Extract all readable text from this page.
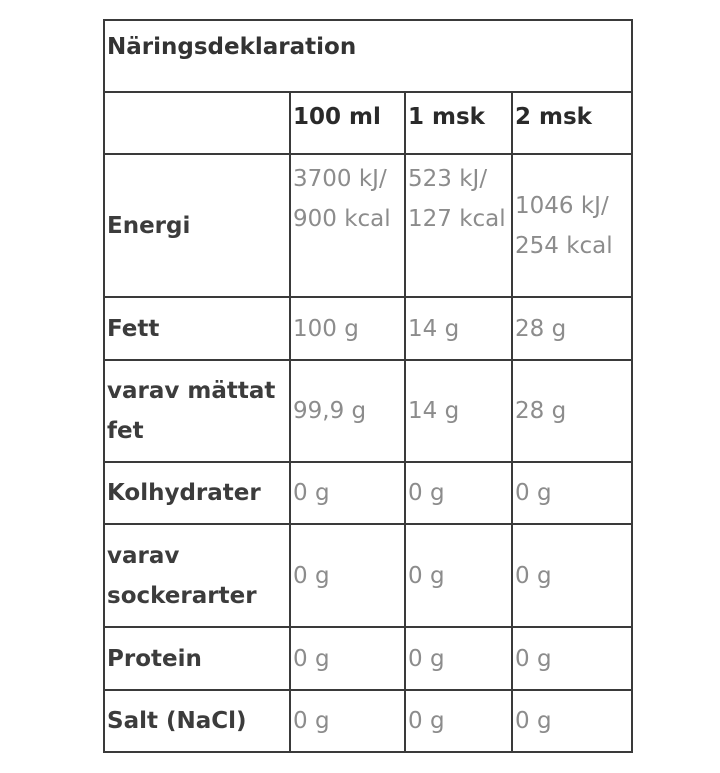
Näringsdeklaration			
	100 ml	1 msk	2 msk
Energi	3700 kJ/ 900 kcal	523 kJ/ 127 kcal	1046 kJ/ 254 kcal
Fett	100 g	14 g	28 g
varav mättat fet	99,9 g	14 g	28 g
Kolhydrater	0 g	0 g	0 g
varav sockerarter	0 g	0 g	0 g
Protein	0 g	0 g	0 g
Salt (NaCl)	0 g	0 g	0 g
